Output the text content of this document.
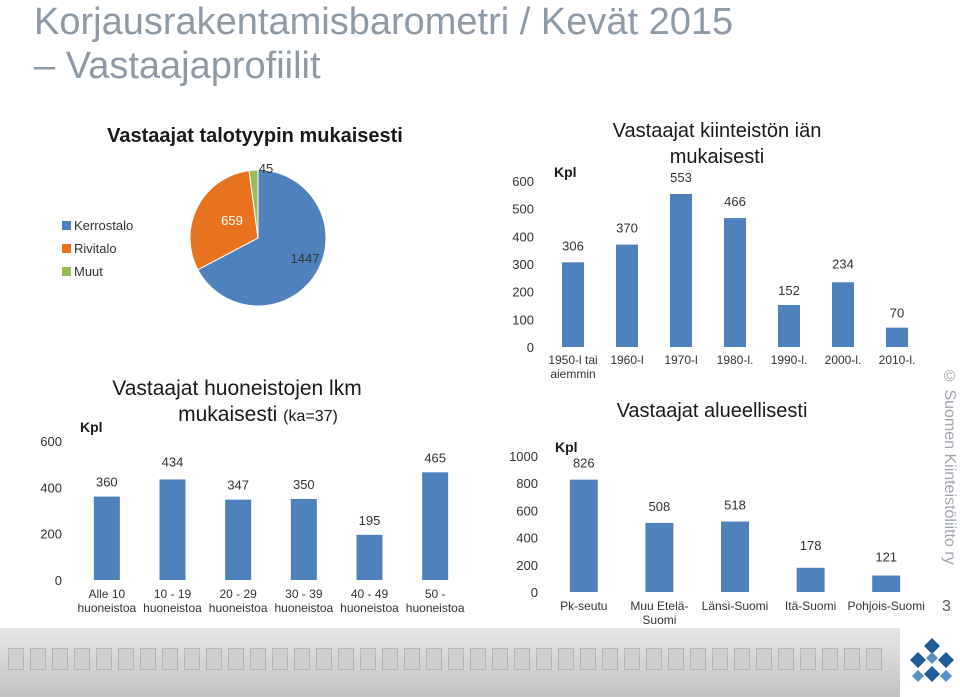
Korjausrakentamisbarometri / Kevät 2015
– Vastaajaprofiilit
Vastaajat talotyypin mukaisesti
1447
659
45
Kerrostalo
Rivitalo
Muut
Vastaajat kiinteistön iän
mukaisesti
Kpl
0
100
200
300
400
500
600
1950-l tai aiemmin
1960-l 1970-l 1980-l. 1990-l. 2000-l. 2010-l.
306
370
553
466
152
234
70
Vastaajat huoneistojen lkm
mukaisesti (ka=37)
Kpl
0
200
400
600
Alle 10 huoneistoa
10 - 19 huoneistoa
20 - 29 huoneistoa
30 - 39 huoneistoa
40 - 49 huoneistoa
50 -huoneistoa
360
434
347	350
195
465
Vastaajat alueellisesti
Kpl
0
200
400
600
800
1000
Pk-seutu Muu Etelä-Suomi
Länsi-Suomi Itä-Suomi Pohjois-Suomi
826
508	518
178
121	© Suomen Kiinteistöliitto ry
3
